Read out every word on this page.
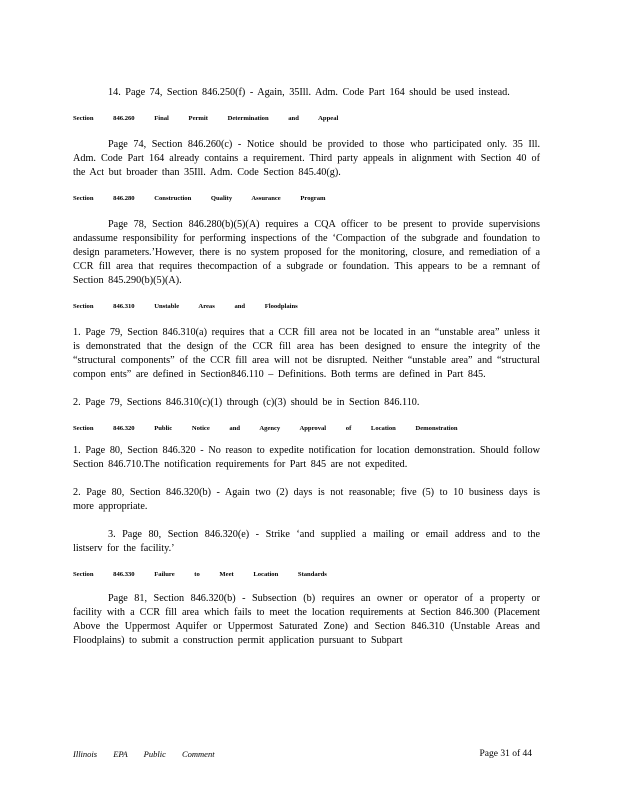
14. Page 74, Section 846.250(f) - Again, 35Ill. Adm. Code Part 164 should be used instead.

Section 846.260 Final Permit Determination and Appeal

Page 74, Section 846.260(c) - Notice should be provided to those who participated only. 35 Ill. Adm. Code Part 164 already contains a requirement. Third party appeals in alignment with Section 40 of the Act but broader than 35Ill. Adm. Code Section 845.40(g).

Section 846.280 Construction Quality Assurance Program

Page 78, Section 846.280(b)(5)(A) requires a CQA officer to be present to provide supervisions andassume responsibility for performing inspections of the ‘Compaction of the subgrade and foundation to design parameters.’However, there is no system proposed for the monitoring, closure, and remediation of a CCR fill area that requires thecompaction of a subgrade or foundation. This appears to be a remnant of Section 845.290(b)(5)(A).

Section 846.310 Unstable Areas and Floodplains

1. Page 79, Section 846.310(a) requires that a CCR fill area not be located in an “unstable area” unless it is demonstrated that the design of the CCR fill area has been designed to ensure the integrity of the “structural components” of the CCR fill area will not be disrupted. Neither “unstable area” and “structural compon ents” are defined in Section846.110 – Definitions. Both terms are defined in Part 845.

2. Page 79, Sections 846.310(c)(1) through (c)(3) should be in Section 846.110.

Section 846.320 Public Notice and Agency Approval of Location Demonstration

1. Page 80, Section 846.320 - No reason to expedite notification for location demonstration. Should follow Section 846.710.The notification requirements for Part 845 are not expedited.

2. Page 80, Section 846.320(b) - Again two (2) days is not reasonable; five (5) to 10 business days is more appropriate.

3. Page 80, Section 846.320(e) - Strike ‘and supplied a mailing or email address and to the listserv for the facility.’

Section 846.330 Failure to Meet Location Standards

Page 81, Section 846.320(b) - Subsection (b) requires an owner or operator of a property or facility with a CCR fill area which fails to meet the location requirements at Section 846.300 (Placement Above the Uppermost Aquifer or Uppermost Saturated Zone) and Section 846.310 (Unstable Areas and Floodplains) to submit a construction permit application pursuant to Subpart

Illinois EPA Public Comment	Page 31 of 44
